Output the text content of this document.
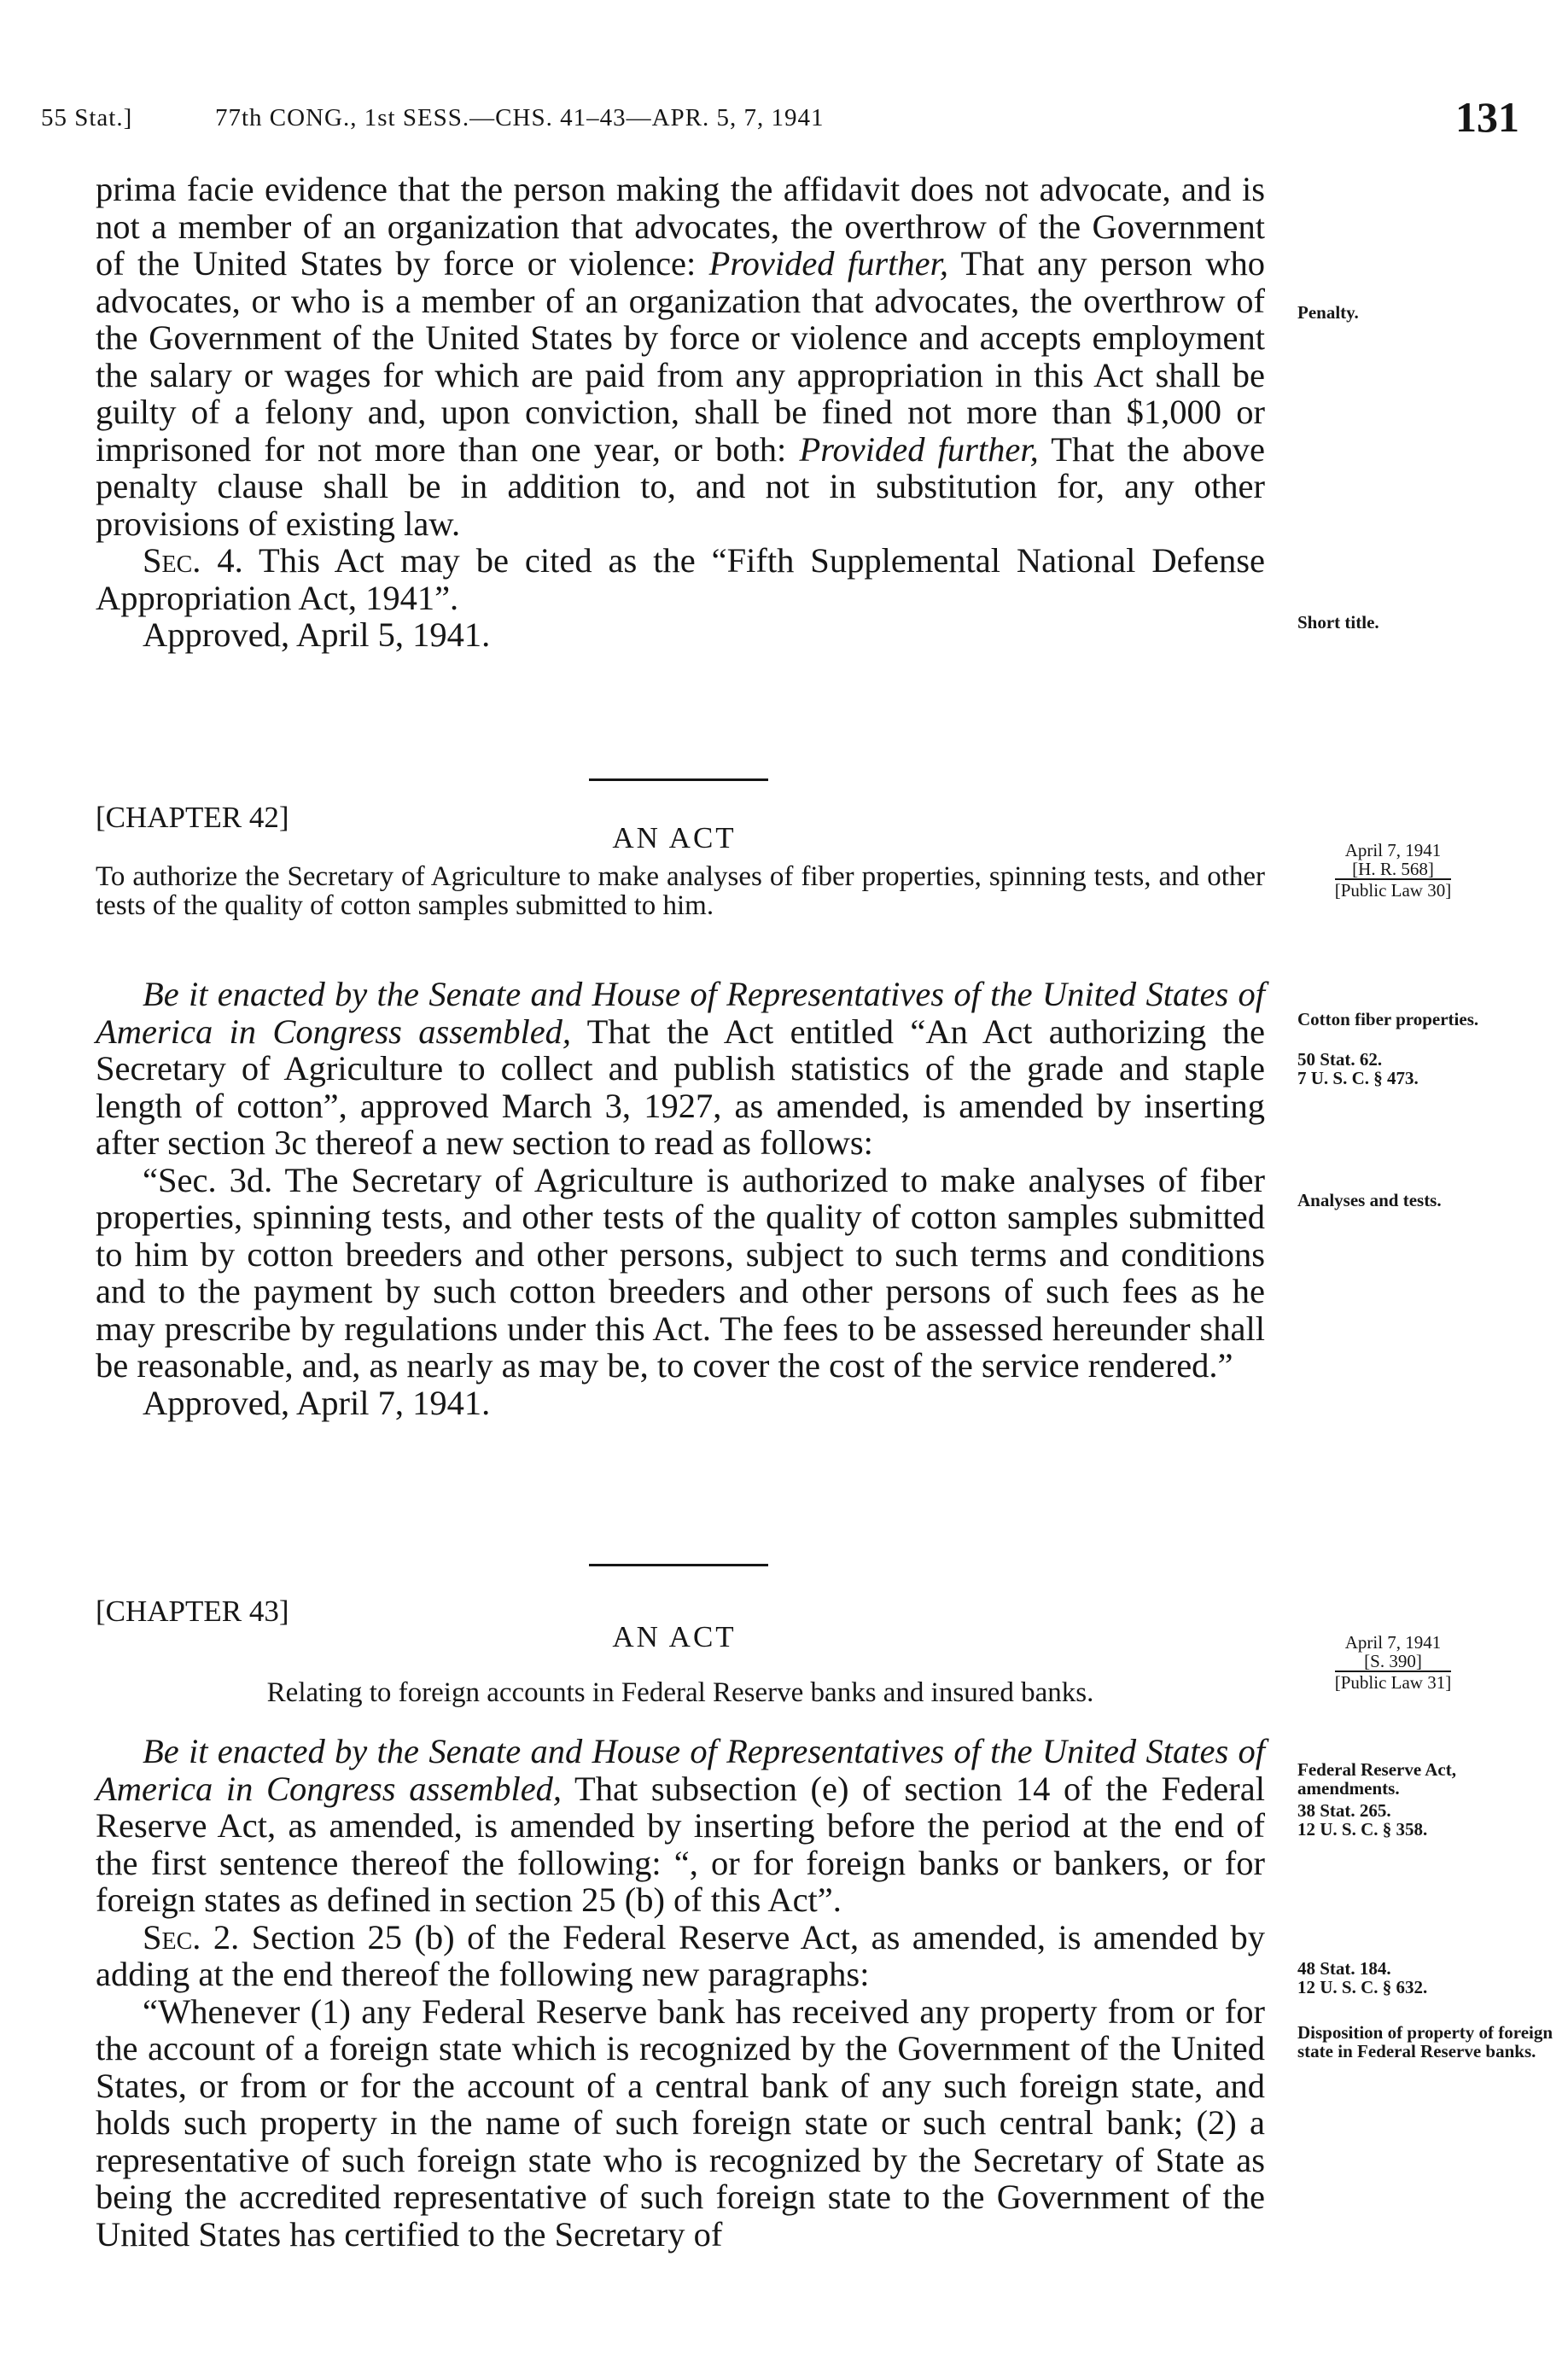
55 Stat.]	77th CONG., 1st SESS.—CHS. 41–43—APR. 5, 7, 1941	131

prima facie evidence that the person making the affidavit does not advocate, and is not a member of an organization that advocates, the overthrow of the Government of the United States by force or violence: Provided further, That any person who advocates, or who is a member of an organization that advocates, the overthrow of the Government of the United States by force or violence and accepts employment the salary or wages for which are paid from any appropriation in this Act shall be guilty of a felony and, upon conviction, shall be fined not more than $1,000 or imprisoned for not more than one year, or both: Provided further, That the above penalty clause shall be in addition to, and not in substitution for, any other provisions of existing law.

Sec. 4. This Act may be cited as the “Fifth Supplemental National Defense Appropriation Act, 1941”.

Approved, April 5, 1941.

Penalty.
Short title.
[CHAPTER 42]
AN ACT
To authorize the Secretary of Agriculture to make analyses of fiber properties, spinning tests, and other tests of the quality of cotton samples submitted to him.
April 7, 1941
[H. R. 568]
[Public Law 30]

Be it enacted by the Senate and House of Representatives of the United States of America in Congress assembled, That the Act entitled “An Act authorizing the Secretary of Agriculture to collect and publish statistics of the grade and staple length of cotton”, approved March 3, 1927, as amended, is amended by inserting after section 3c thereof a new section to read as follows:

“Sec. 3d. The Secretary of Agriculture is authorized to make analyses of fiber properties, spinning tests, and other tests of the quality of cotton samples submitted to him by cotton breeders and other persons, subject to such terms and conditions and to the payment by such cotton breeders and other persons of such fees as he may prescribe by regulations under this Act. The fees to be assessed hereunder shall be reasonable, and, as nearly as may be, to cover the cost of the service rendered.”

Approved, April 7, 1941.

Cotton fiber properties.
50 Stat. 62.
7 U. S. C. § 473.
Analyses and tests.
[CHAPTER 43]
AN ACT
Relating to foreign accounts in Federal Reserve banks and insured banks.
April 7, 1941
[S. 390]
[Public Law 31]

Be it enacted by the Senate and House of Representatives of the United States of America in Congress assembled, That subsection (e) of section 14 of the Federal Reserve Act, as amended, is amended by inserting before the period at the end of the first sentence thereof the following: “, or for foreign banks or bankers, or for foreign states as defined in section 25 (b) of this Act”.

Sec. 2. Section 25 (b) of the Federal Reserve Act, as amended, is amended by adding at the end thereof the following new paragraphs:

“Whenever (1) any Federal Reserve bank has received any property from or for the account of a foreign state which is recognized by the Government of the United States, or from or for the account of a central bank of any such foreign state, and holds such property in the name of such foreign state or such central bank; (2) a representative of such foreign state who is recognized by the Secretary of State as being the accredited representative of such foreign state to the Government of the United States has certified to the Secretary of

Federal Reserve Act, amendments.
38 Stat. 265.
12 U. S. C. § 358.
48 Stat. 184.
12 U. S. C. § 632.
Disposition of property of foreign state in Federal Reserve banks.
